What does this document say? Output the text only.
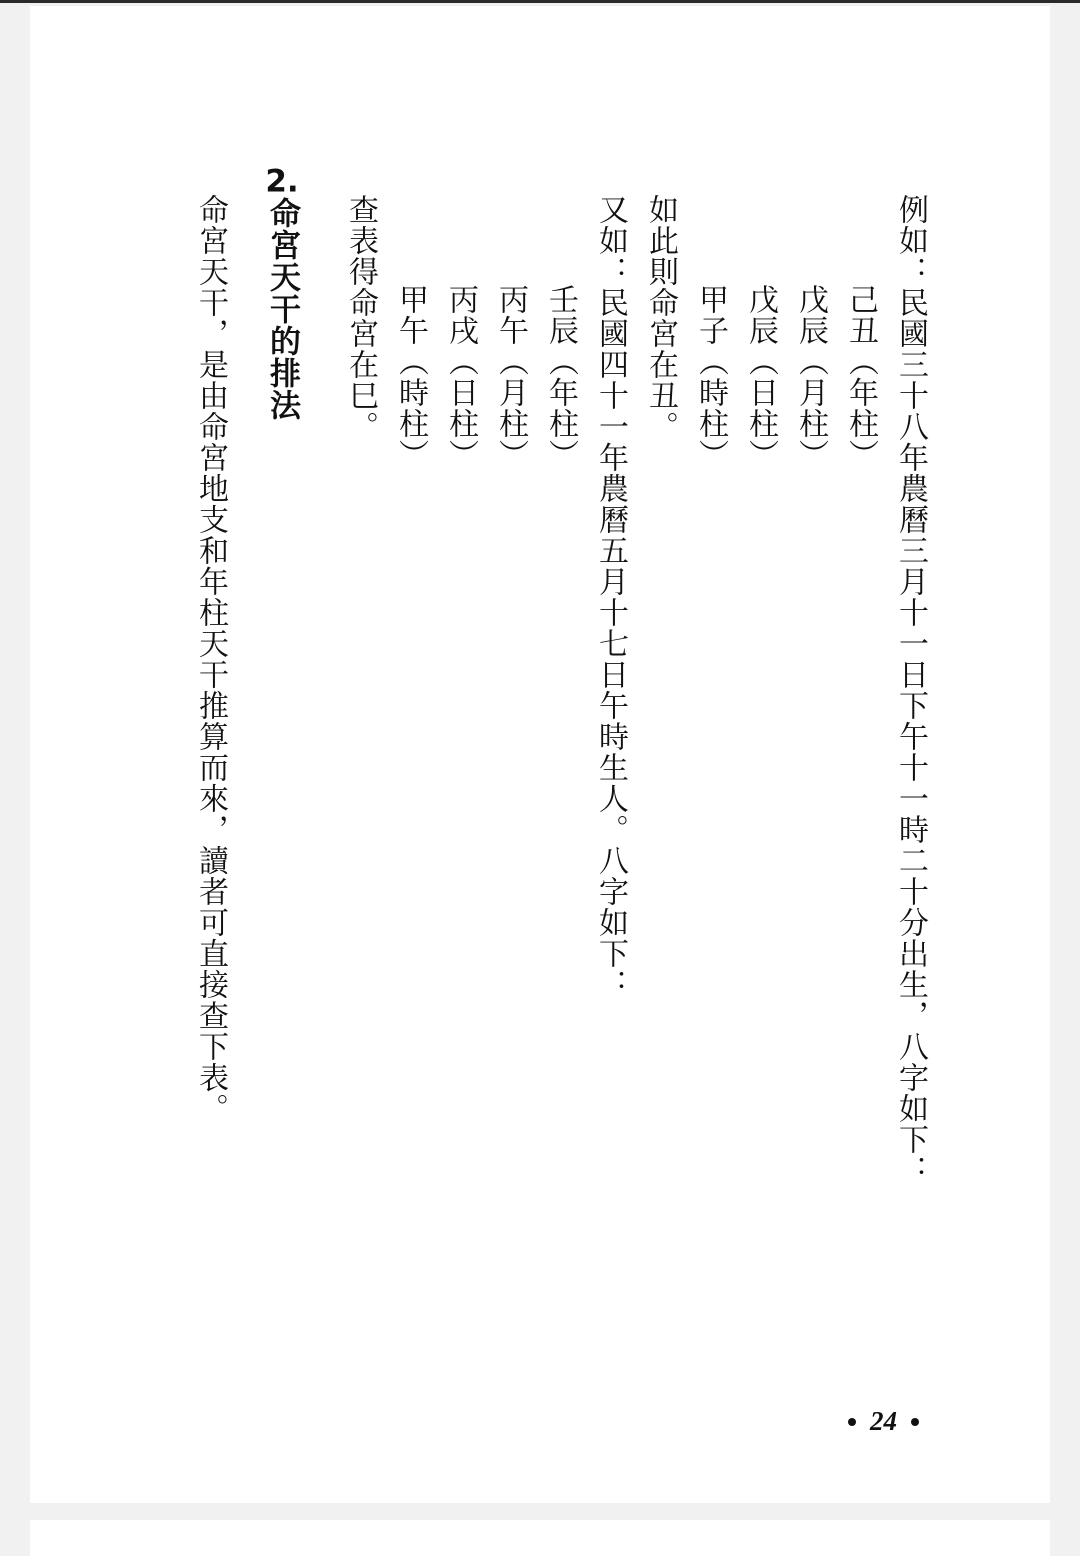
例如：民國三十八年農曆三月十一日下午十一時二十分出生，八字如下：

己丑（年柱）

戊辰（月柱）

戊辰（日柱）

甲子（時柱）

如此則命宮在丑。

又如：民國四十一年農曆五月十七日午時生人。八字如下：

壬辰（年柱）

丙午（月柱）

丙戌（日柱）

甲午（時柱）

查表得命宮在巳。

2.命宮天干的排法

命宮天干，是由命宮地支和年柱天干推算而來，讀者可直接查下表。

24
